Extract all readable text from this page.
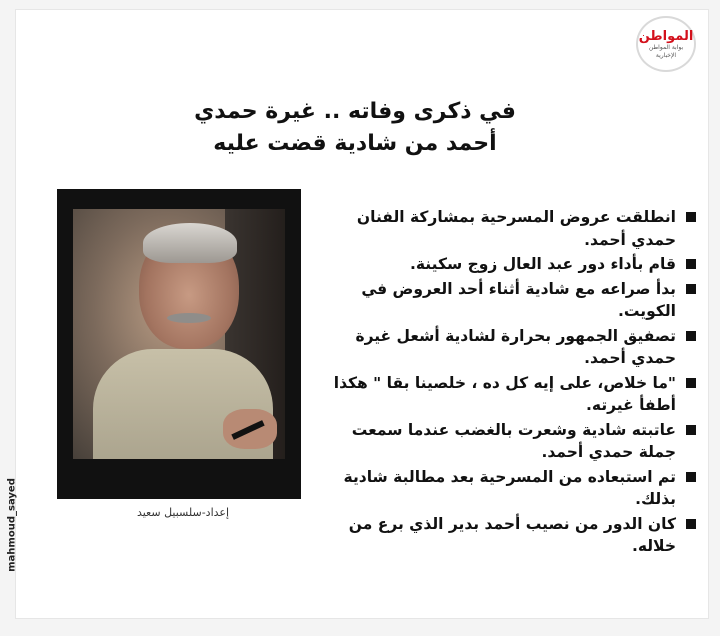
mahmoud_sayed
المواطن
بوابة المواطن
الإخبارية
في ذكرى وفاته .. غيرة حمدي
أحمد من شادية قضت عليه
إعداد-سلسبيل سعيد
انطلقت عروض المسرحية بمشاركة الفنان حمدي أحمد.
قام بأداء دور عبد العال زوج سكينة.
بدأ صراعه مع شادية أثناء أحد العروض في الكويت.
تصفيق الجمهور بحرارة لشادية أشعل غيرة حمدي أحمد.
"ما خلاص، على إيه كل ده ، خلصينا بقا " هكذا أطفأ غيرته.
عاتبته شادية وشعرت بالغضب عندما سمعت جملة حمدي أحمد.
تم استبعاده من المسرحية بعد مطالبة شادية بذلك.
كان الدور من نصيب أحمد بدير الذي برع من خلاله.
